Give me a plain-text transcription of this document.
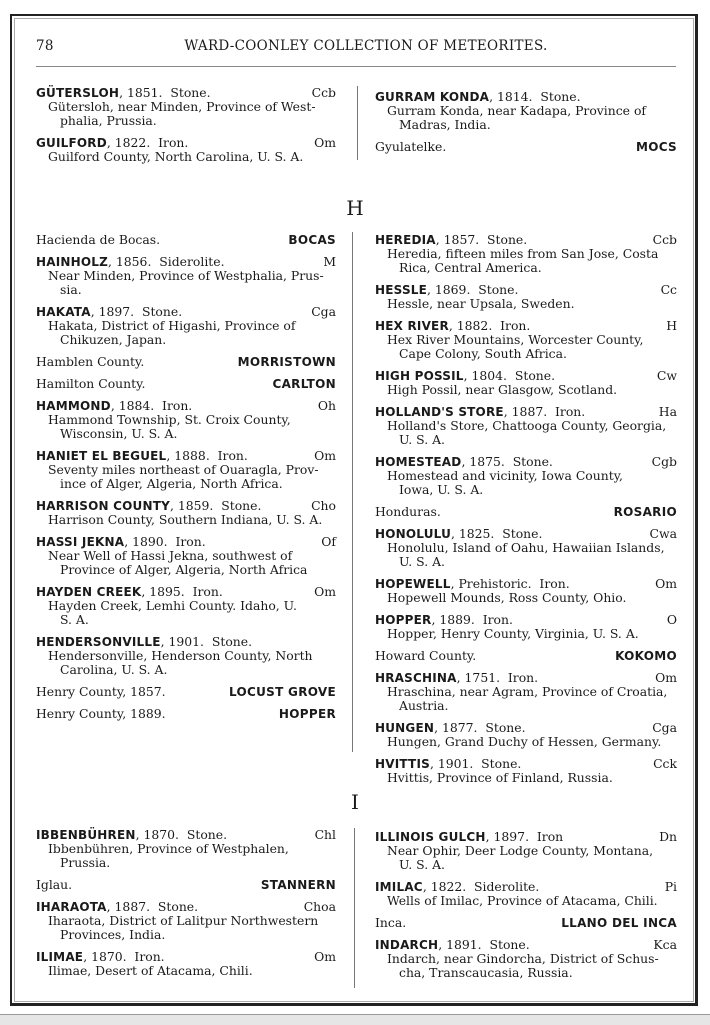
78	WARD-COONLEY COLLECTION OF METEORITES.
GÜTERSLOH, 1851.  Stone.	Ccb
Gütersloh, near Minden, Province of West-
phalia, Prussia.
GUILFORD, 1822.  Iron.	Om
Guilford County, North Carolina, U. S. A.
GURRAM KONDA, 1814.  Stone.
Gurram Konda, near Kadapa, Province of
Madras, India.
Gyulatelke.	MOCS
H
Hacienda de Bocas.	BOCAS
HAINHOLZ, 1856.  Siderolite.	M
Near Minden, Province of Westphalia, Prus-
sia.
HAKATA, 1897.  Stone.	Cga
Hakata, District of Higashi, Province of
Chikuzen, Japan.
Hamblen County.	MORRISTOWN
Hamilton County.	CARLTON
HAMMOND, 1884.  Iron.	Oh
Hammond Township, St. Croix County,
Wisconsin, U. S. A.
HANIET EL BEGUEL, 1888.  Iron.	Om
Seventy miles northeast of Ouaragla, Prov-
ince of Alger, Algeria, North Africa.
HARRISON COUNTY, 1859.  Stone.	Cho
Harrison County, Southern Indiana, U. S. A.
HASSI JEKNA, 1890.  Iron.	Of
Near Well of Hassi Jekna, southwest of
Province of Alger, Algeria, North Africa
HAYDEN CREEK, 1895.  Iron.	Om
Hayden Creek, Lemhi County. Idaho, U.
S. A.
HENDERSONVILLE, 1901.  Stone.
Hendersonville, Henderson County, North
Carolina, U. S. A.
Henry County, 1857.	LOCUST GROVE
Henry County, 1889.	HOPPER
HEREDIA, 1857.  Stone.	Ccb
Heredia, fifteen miles from San Jose, Costa
Rica, Central America.
HESSLE, 1869.  Stone.	Cc
Hessle, near Upsala, Sweden.
HEX RIVER, 1882.  Iron.	H
Hex River Mountains, Worcester County,
Cape Colony, South Africa.
HIGH POSSIL, 1804.  Stone.	Cw
High Possil, near Glasgow, Scotland.
HOLLAND'S STORE, 1887.  Iron.	Ha
Holland's Store, Chattooga County, Georgia,
U. S. A.
HOMESTEAD, 1875.  Stone.	Cgb
Homestead and vicinity, Iowa County,
Iowa, U. S. A.
Honduras.	ROSARIO
HONOLULU, 1825.  Stone.	Cwa
Honolulu, Island of Oahu, Hawaiian Islands,
U. S. A.
HOPEWELL, Prehistoric.  Iron.	Om
Hopewell Mounds, Ross County, Ohio.
HOPPER, 1889.  Iron.	O
Hopper, Henry County, Virginia, U. S. A.
Howard County.	KOKOMO
HRASCHINA, 1751.  Iron.	Om
Hraschina, near Agram, Province of Croatia,
Austria.
HUNGEN, 1877.  Stone.	Cga
Hungen, Grand Duchy of Hessen, Germany.
HVITTIS, 1901.  Stone.	Cck
Hvittis, Province of Finland, Russia.
I
IBBENBÜHREN, 1870.  Stone.	Chl
Ibbenbühren, Province of Westphalen,
Prussia.
Iglau.	STANNERN
IHARAOTA, 1887.  Stone.	Choa
Iharaota, District of Lalitpur Northwestern
Provinces, India.
ILIMAE, 1870.  Iron.	Om
Ilimae, Desert of Atacama, Chili.
ILLINOIS GULCH, 1897.  Iron	Dn
Near Ophir, Deer Lodge County, Montana,
U. S. A.
IMILAC, 1822.  Siderolite.	Pi
Wells of Imilac, Province of Atacama, Chili.
Inca.	LLANO DEL INCA
INDARCH, 1891.  Stone.	Kca
Indarch, near Gindorcha, District of Schus-
cha, Transcaucasia, Russia.
